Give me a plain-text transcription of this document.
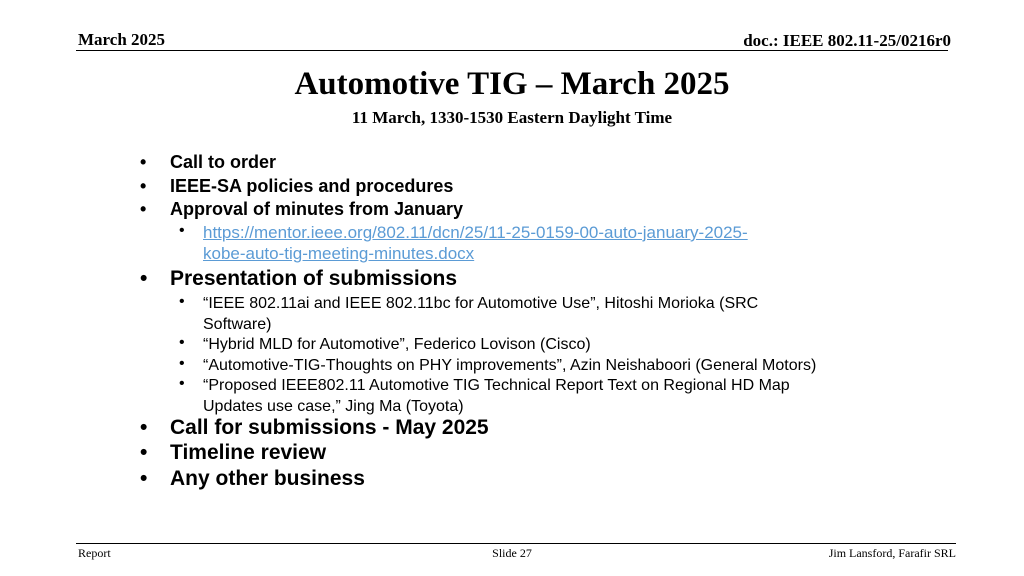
March 2025	doc.: IEEE 802.11-25/0216r0
Automotive TIG – March 2025
11 March, 1330-1530 Eastern Daylight Time
• Call to order
• IEEE-SA policies and procedures
• Approval of minutes from January
• https://mentor.ieee.org/802.11/dcn/25/11-25-0159-00-auto-january-2025-
kobe-auto-tig-meeting-minutes.docx
• Presentation of submissions
• “IEEE 802.11ai and IEEE 802.11bc for Automotive Use”, Hitoshi Morioka (SRC
Software)
• “Hybrid MLD for Automotive”, Federico Lovison (Cisco)
• “Automotive-TIG-Thoughts on PHY improvements”, Azin Neishaboori (General Motors)
• “Proposed IEEE802.11 Automotive TIG Technical Report Text on Regional HD Map
Updates use case,” Jing Ma (Toyota)
• Call for submissions - May 2025
• Timeline review
• Any other business
Report	Slide 27	Jim Lansford, Farafir SRL
